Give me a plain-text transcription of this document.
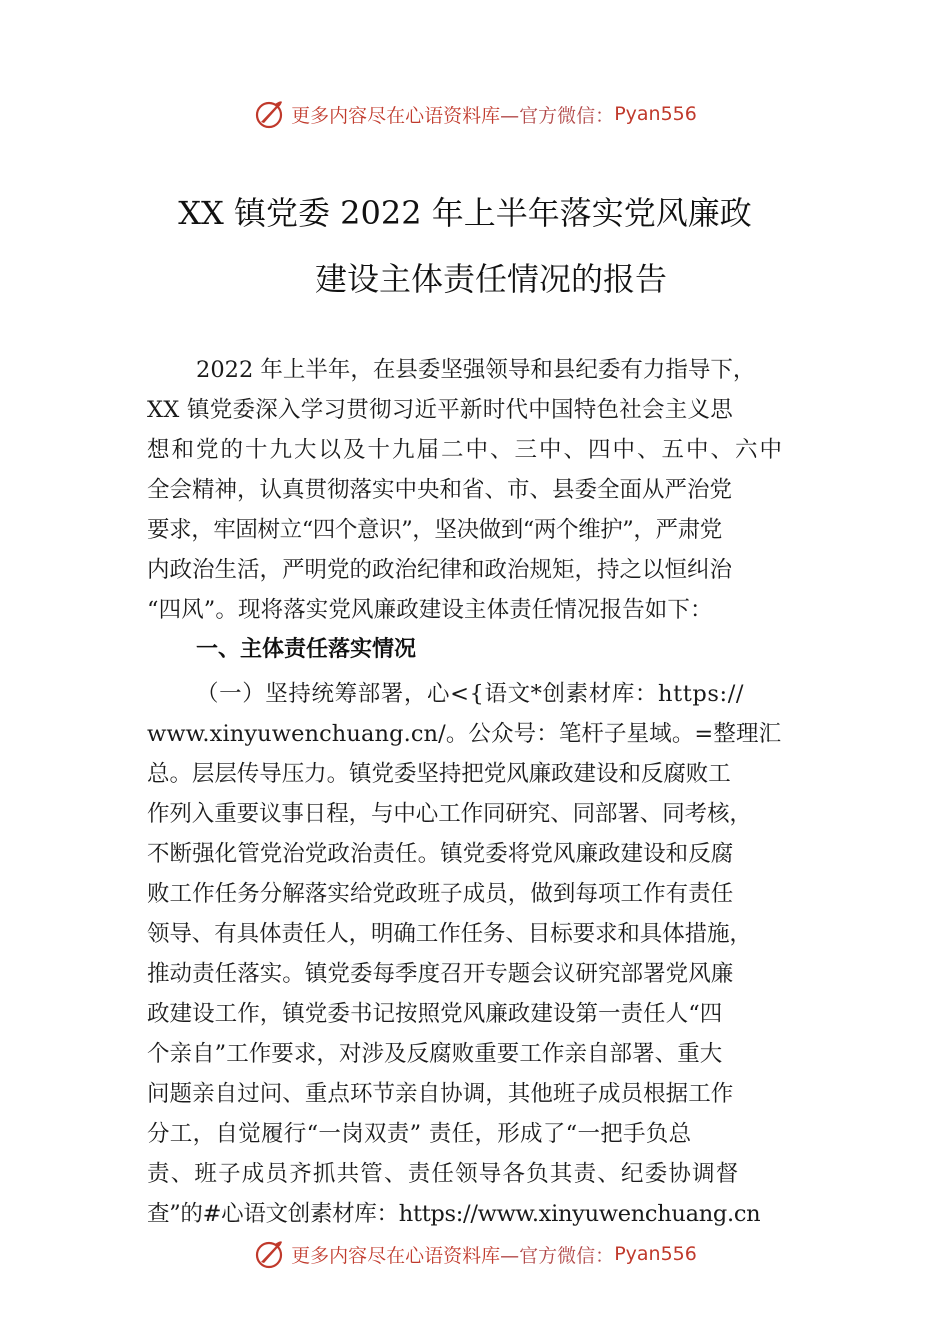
更多内容尽在心语资料库 —官方微信： Pyan556
XX 镇党委 2022 年上半年落实党风廉政
建设主体责任情况的报告
2022 年上半年，在县委坚强领导和县纪委有力指导下，
XX 镇党委深入学习贯彻习近平新时代中国特色社会主义思
想和党的十九大以及十九届二中、三中、四中、五中、六中
全会精神，认真贯彻落实中央和省、市、县委全面从严治党
要求，牢固树立“四个意识”，坚决做到“两个维护”，严肃党
内政治生活，严明党的政治纪律和政治规矩，持之以恒纠治
“四风”。现将落实党风廉政建设主体责任情况报告如下：
一、主体责任落实情况
（一）坚持统筹部署，心<{语文*创素材库：https://
www.xinyuwenchuang.cn/。公众号：笔杆子星域。=整理汇
总。层层传导压力。镇党委坚持把党风廉政建设和反腐败工
作列入重要议事日程，与中心工作同研究、同部署、同考核，
不断强化管党治党政治责任。镇党委将党风廉政建设和反腐
败工作任务分解落实给党政班子成员，做到每项工作有责任
领导、有具体责任人，明确工作任务、目标要求和具体措施，
推动责任落实。镇党委每季度召开专题会议研究部署党风廉
政建设工作，镇党委书记按照党风廉政建设第一责任人“四
个亲自”工作要求，对涉及反腐败重要工作亲自部署、重大
问题亲自过问、重点环节亲自协调，其他班子成员根据工作
分工，自觉履行“一岗双责” 责任，形成了“一把手负总
责、班子成员齐抓共管、责任领导各负其责、纪委协调督
查”的#心语文创素材库：https://www.xinyuwenchuang.cn
更多内容尽在心语资料库 —官方微信： Pyan556
